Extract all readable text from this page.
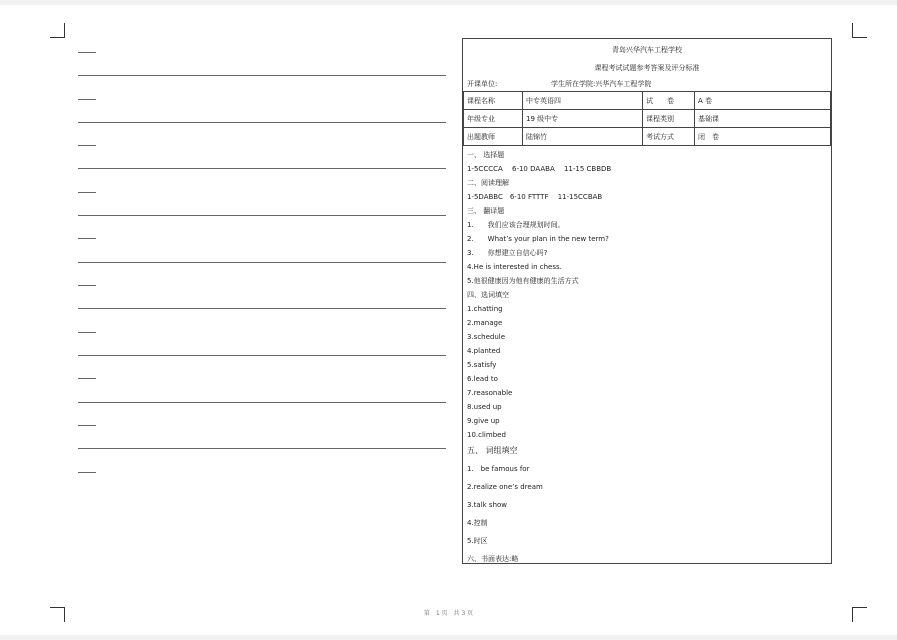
青岛兴华汽车工程学校
课程考试试题参考答案及评分标准
开课单位:	学生所在学院:兴华汽车工程学院
课程名称	中专英语四	试　　卷	A 卷
年级专业	19 级中专	课程类别	基础课
出题教师	陆锦竹	考试方式	闭　卷
一、 选择题
1-5CCCCA　 6-10 DAABA　 11-15 CBBDB
二、阅读理解
1-5DABBC　6-10 FTTTF　 11-15CCBAB
三、 翻译题
1.　　我们应该合理规划时间。
2.　　What’s your plan in the new term?
3.　　你想建立自信心吗?
4.He is interested in chess.
5.他很健康因为他有健康的生活方式
四、选词填空
1.chatting
2.manage
3.schedule
4.planted
5.satisfy
6.lead to
7.reasonable
8.used up
9.give up
10.climbed
五、 词组填空
1.　be famous for
2.realize one’s dream
3.talk show
4.控制
5.时区
六、书面表达:略
第　1 页　共 3 页
